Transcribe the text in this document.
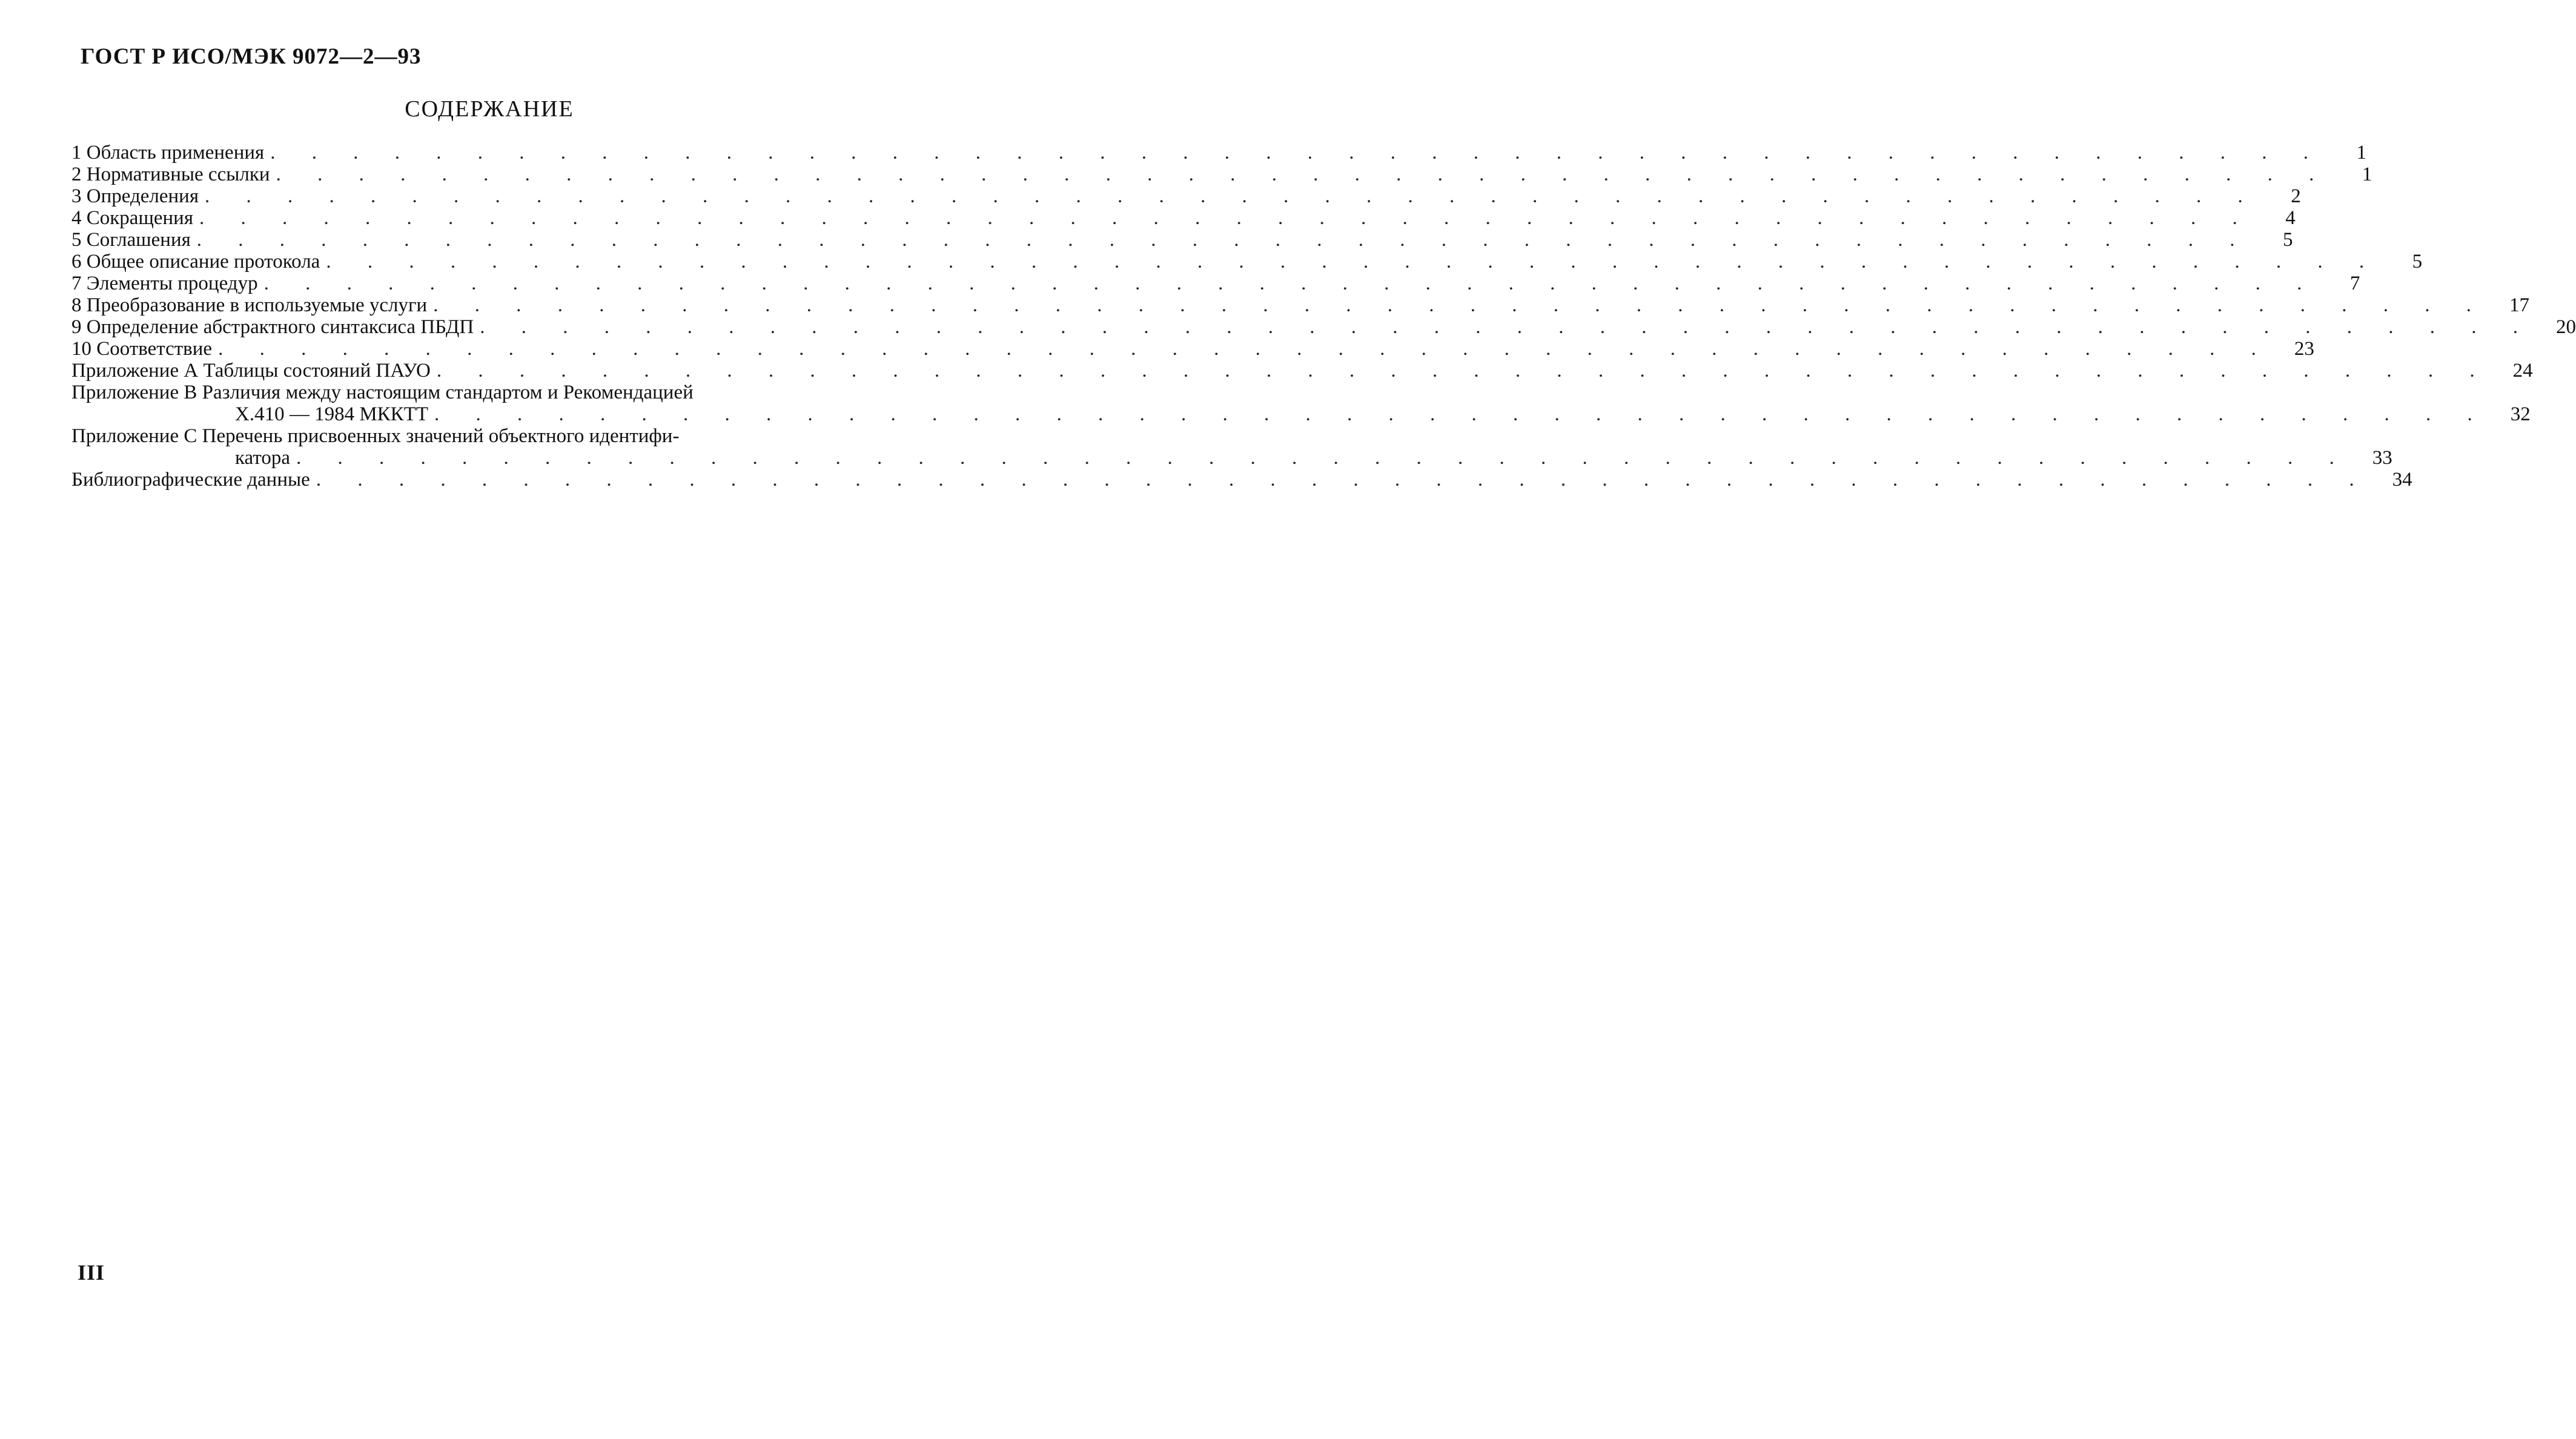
ГОСТ Р ИСО/МЭК 9072—2—93
СОДЕРЖАНИЕ
1 Область применения . . .	1
2 Нормативные ссылки . . .	1
3 Определения . . .	2
4 Сокращения . . .	4
5 Соглашения . . .	5
6 Общее описание протокола . . .	5
7 Элементы процедур . . .	7
8 Преобразование в используемые услуги . . .	17
9 Определение абстрактного синтаксиса ПБДП . . .	20
10 Соответствие . . .	23
Приложение А Таблицы состояний ПАУО . . .	24
Приложение В Различия между настоящим стандартом и Рекомендацией
Х.410 — 1984 МККТТ . . .	32
Приложение С Перечень присвоенных значений объектного идентифи-
катора . . .	33
Библиографические данные . . .	34
III
